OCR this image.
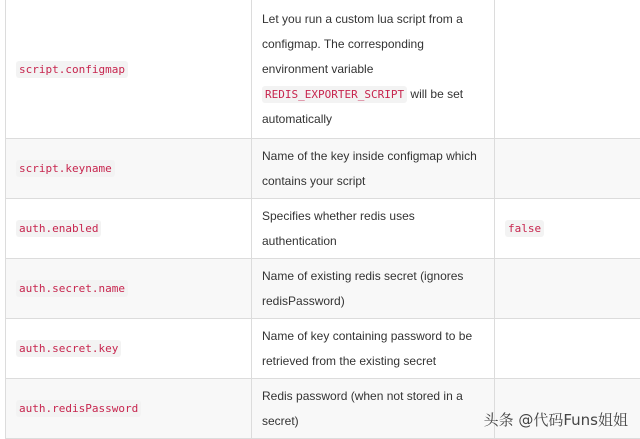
script.configmap	Let you run a custom lua script from a configmap. The corresponding environment variable REDIS_EXPORTER_SCRIPT will be set automatically	
script.keyname	Name of the key inside configmap which contains your script	
auth.enabled	Specifies whether redis uses authentication	false
auth.secret.name	Name of existing redis secret (ignores redisPassword)	
auth.secret.key	Name of key containing password to be retrieved from the existing secret	
auth.redisPassword	Redis password (when not stored in a secret)		头条 @代码Funs姐姐
